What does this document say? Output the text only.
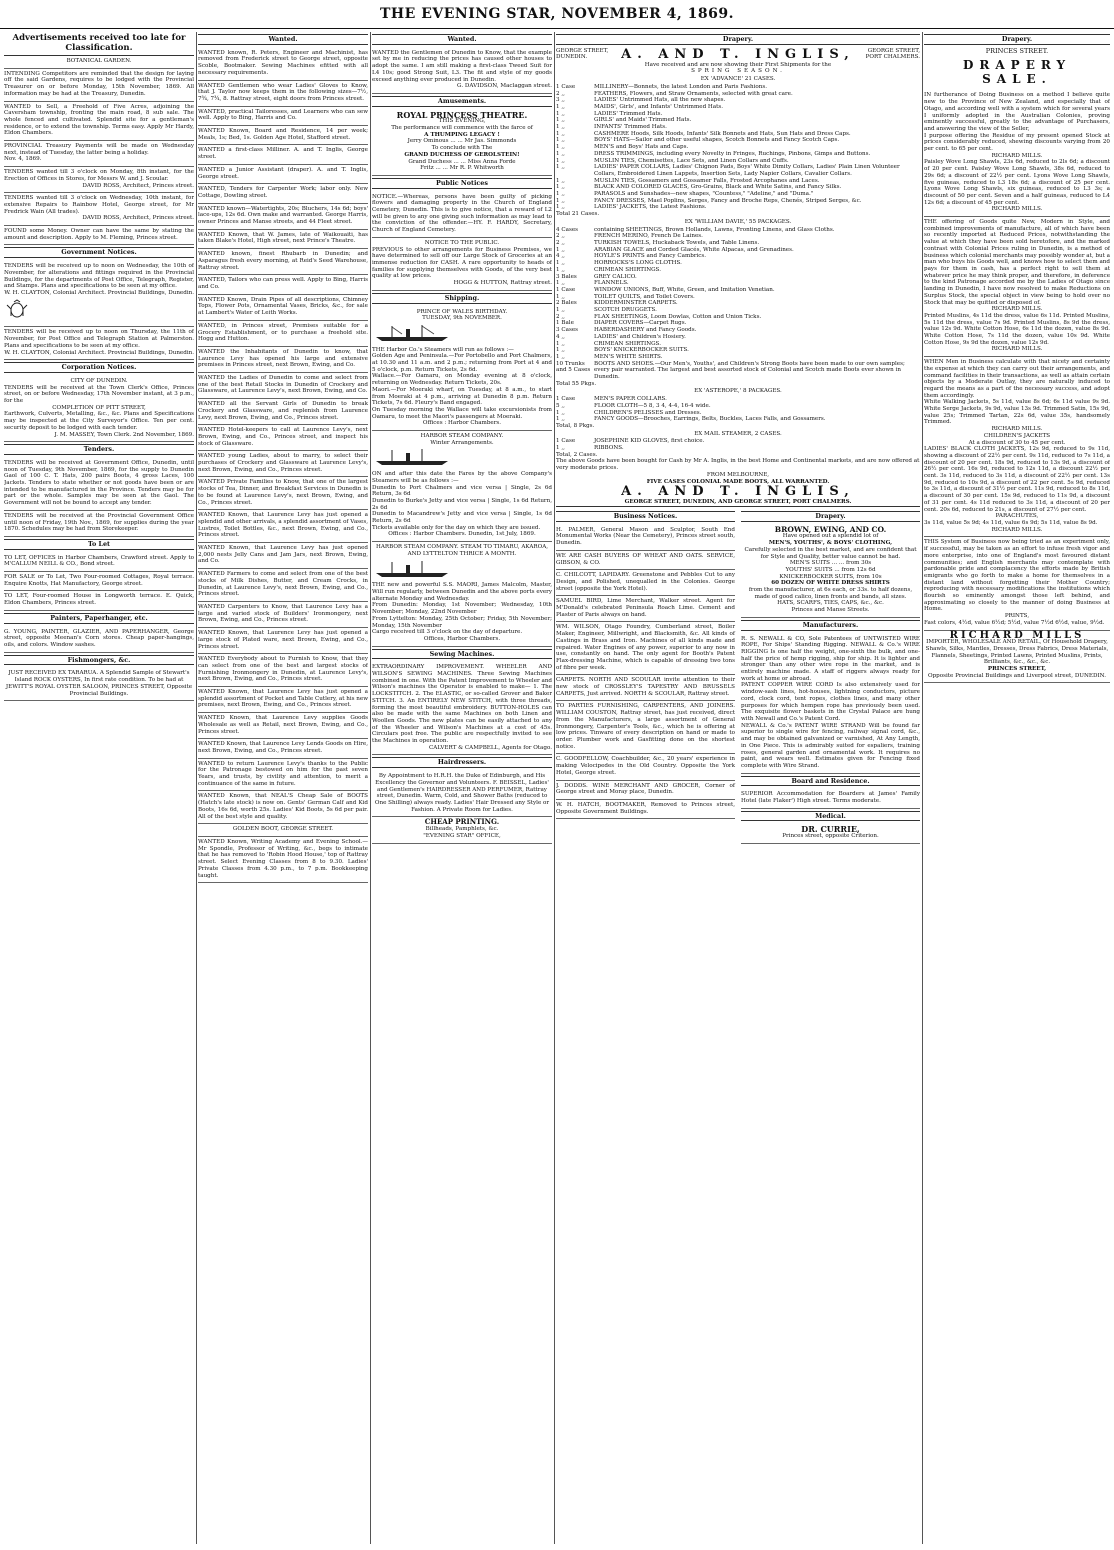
THE EVENING STAR, NOVEMBER 4, 1869.
Advertisements received too late for Classification.
BOTANICAL GARDEN.
INTENDING Competitors are reminded that the design for laying off the said Gardens, requires to be lodged with the Provincial Treasurer on or before Monday, 15th November, 1869. All information may be had at the Treasury, Dunedin.
WANTED to Sell, a Freehold of Five Acres, adjoining the Caversham township, fronting the main road, 8 sub sale. The whole fenced and cultivated. Splendid site for a gentleman's residence, or to extend the township. Terms easy. Apply Mr Hardy, Eldon Chambers.

PROVINCIAL Treasury Payments will be made on Wednesday next, instead of Tuesday, the latter being a holiday.

Nov. 4, 1869.

TENDERS wanted till 3 o'clock on Monday, 8th instant, for the Erection of Offices in Stores, for Messrs W. and J. Scoular.

DAVID ROSS, Architect, Princes street.

TENDERS wanted till 3 o'clock on Wednesday, 10th instant, for extensive Repairs to Rainbow Hotel, George street, for Mr Fredrick Wain (All trades).

DAVID ROSS, Architect, Princes street.

FOUND some Money. Owner can have the same by stating the amount and description. Apply to M. Fleming, Princes street.
Government Notices.

TENDERS will be received up to noon on Wednesday, the 10th of November, for alterations and fittings required in the Provincial Buildings, for the departments of Post Office, Telegraph, Register, and Stamps. Plans and specifications to be seen at my office.

W. H. CLAYTON, Colonial Architect. Provincial Buildings, Dunedin.

TENDERS will be received up to noon on Thursday, the 11th of November, for Post Office and Telegraph Station at Palmerston. Plans and specifications to be seen at my office.

W. H. CLAYTON, Colonial Architect. Provincial Buildings, Dunedin.

Corporation Notices.

CITY OF DUNEDIN.

TENDERS will be received at the Town Clerk's Office, Princes street, on or before Wednesday, 17th November instant, at 3 p.m., for the

COMPLETION OF PITT STREET,

Earthwork, Culverts, Metalling, &c., &c. Plans and Specifications may be inspected at the City Surveyor's Office. Ten per cent. security deposit to be lodged with each tender.

J. M. MASSEY, Town Clerk. 2nd November, 1869.

Tenders.
TENDERS will be received at Government Office, Dunedin, until noon of Tuesday, 9th November, 1869, for the supply to Dunedin Gaol of 100 C. T. Hats, 200 pairs Boots, 4 gross Laces, 100 Jackets. Tenders to state whether or not goods have been or are intended to be manufactured in the Province. Tenders may be for part or the whole. Samples may be seen at the Gaol. The Government will not be bound to accept any tender.
TENDERS will be received at the Provincial Government Office until noon of Friday, 19th Nov., 1869, for supplies during the year 1870. Schedules may be had from Storekeeper.
To Let
TO LET, OFFICES in Harbor Chambers, Crawford street. Apply to M'CALLUM NEILL & CO., Bond street.
FOR SALE or To Let, Two Four-roomed Cottages, Royal terrace. Enquire Knotts, Hat Manufactory, George street.
TO LET, Four-roomed House in Longworth terrace. E. Quick, Eldon Chambers, Princes street.
Painters, Paperhanger, etc.
G. YOUNG, PAINTER, GLAZIER, AND PAPERHANGER, George street, opposite Meenan's Corn stores. Cheap paper-hangings, oils, and colors. Window sashes.
Fishmongers, &c.
JUST RECEIVED EX TARARUA. A Splendid Sample of Stewart's Island ROCK OYSTERS, In first rate condition. To be had at JEWITT'S ROYAL OYSTER SALOON, PRINCES STREET, Opposite Provincial Buildings.
Wanted.
WANTED known, R. Peters, Engineer and Machinist, has removed from Frederick street to George street, opposite Scoble, Bootmaker. Sewing Machines efitted with all necessary requirements.
WANTED Gentlemen who wear Ladies' Gloves to Know, that J. Taylor now keeps them in the following sizes—7½, 7¾, 7¾, 8. Rattray street, eight doors from Princes street.
WANTED, practical Tailoresses, and Learners who can sew well. Apply to Bing, Harris and Co.
WANTED Known, Board and Residence, 14 per week; Meals, 1s; Bed, 1s. Golden Age Hotel, Stafford street.
WANTED a first-class Milliner. A. and T. Inglis, George street.
WANTED a Junior Assistant (draper). A. and T. Inglis, George street.
WANTED, Tenders for Carpenter Work; labor only. New Cottage, Dowling street.
WANTED known—Watertights, 20s; Bluchers, 14s 6d; boys' lace-ups, 12s 6d. Own make and warranted. George Harris, owner Princes and Manse streets, and 44 Fleet street.
WANTED Known, that W. James, late of Waikouaiti, has taken Blake's Hotel, High street, next Prince's Theatre.
WANTED known, finest Rhubarb in Dunedin; and Asparagus fresh every morning, at Reid's Seed Warehouse, Rattray street.
WANTED, Tailors who can press well. Apply to Bing, Harris and Co.
WANTED Known, Drain Pipes of all descriptions, Chimney Tops, Flower Pots, Ornamental Vases, Bricks, &c., for sale at Lambert's Water of Leith Works.
WANTED, in Princes street, Premises suitable for a Grocery Establishment, or to purchase a freehold site. Hogg and Hutton.
WANTED the Inhabitants of Dunedin to know, that Laurence Levy has opened his large and extensive premises in Princes street, next Brown, Ewing, and Co.
WANTED the Ladies of Dunedin to come and select from one of the best Retail Stocks in Dunedin of Crockery and Glassware, at Laurence Levy's, next Brown, Ewing, and Co.
WANTED all the Servant Girls of Dunedin to break Crockery and Glassware, and replenish from Laurence Levy, next Brown, Ewing, and Co., Princes street.
WANTED Hotel-keepers to call at Laurence Levy's, next Brown, Ewing, and Co., Princes street, and inspect his stock of Glassware.
WANTED young Ladies, about to marry, to select their purchases of Crockery and Glassware at Laurence Levy's, next Brown, Ewing, and Co., Princes street.
WANTED Private Families to Know, that one of the largest stocks of Tea, Dinner, and Breakfast Services in Dunedin is to be found at Laurence Levy's, next Brown, Ewing, and Co., Princes street.
WANTED Known, that Laurence Levy has just opened a splendid and other arrivals, a splendid assortment of Vases, Lustres, Toilet Bottles, &c., next Brown, Ewing, and Co., Princes street.
WANTED Known, that Laurence Levy has just opened 2,000 nests Jelly Cans and Jam Jars, next Brown, Ewing, and Co.
WANTED Farmers to come and select from one of the best stocks of Milk Dishes, Butter, and Cream Crocks, in Dunedin, at Laurence Levy's, next Brown, Ewing, and Co., Princes street.
WANTED Carpenters to Know, that Laurence Levy has a large and varied stock of Builders' Ironmongery, next Brown, Ewing, and Co., Princes street.
WANTED Known, that Laurence Levy has just opened a large stock of Plated ware, next Brown, Ewing, and Co., Princes street.
WANTED Everybody about to Furnish to Know, that they can select from one of the best and largest stocks of Furnishing Ironmongery in Dunedin, at Laurence Levy's, next Brown, Ewing, and Co., Princes street.
WANTED Known, that Laurence Levy has just opened a splendid assortment of Pocket and Table Cutlery, at his new premises, next Brown, Ewing, and Co., Princes street.
WANTED Known, that Laurence Levy supplies Goods Wholesale as well as Retail, next Brown, Ewing, and Co., Princes street.
WANTED Known, that Laurence Levy Lends Goods on Hire, next Brown, Ewing, and Co., Princes street.
WANTED to return Laurence Levy's thanks to the Public for the Patronage bestowed on him for the past seven Years, and trusts, by civility and attention, to merit a continuance of the same in future.
WANTED Known, that NEAL'S Cheap Sale of BOOTS (Hatch's late stock) is now on. Gents' German Calf and Kid Boots, 16s 6d, worth 25s. Ladies' Kid Boots, 5s 6d per pair. All of the best style and quality.
GOLDEN BOOT, GEORGE STREET.
WANTED Known, Writing Academy and Evening School.—Mr Spondle, Professor of Writing, &c., begs to intimate that he has removed to 'Robin Hood House,' top of Rattray street. Select Evening Classes from 8 to 9.30. Ladies' Private Classes from 4.30 p.m., to 7 p.m. Bookkeeping taught.
Wanted.

WANTED the Gentlemen of Dunedin to Know, that the example set by me in reducing the prices has caused other houses to adopt the same. I am still making a first-class Tweed Suit for L4 10s; good Strong Suit, L3. The fit and style of my goods exceed anything ever produced in Dunedin.

G. DAVIDSON, Maclaggan street.

Amusements.

ROYAL PRINCESS THEATRE.

THIS EVENING,

The performance will commence with the farce of

A THUMPING LEGACY !

Jerry Ominous ... ... Mr Jas. Simmonds

To conclude with The

GRAND DUCHESS OF GEROLSTEIN!

Grand Duchess ... ... Miss Anna Forde

Fritz ... ... Mr R. P. Whitworth

Public Notices
NOTICE.—Whereas, persons have been guilty of picking flowers and damaging property in the Church of England Cemetery, Dunedin. This is to give notice, that a reward of L2 will be given to any one giving such information as may lead to the conviction of the offender.—HY. F. HARDY, Secretary, Church of England Cemetery.

NOTICE TO THE PUBLIC.

PREVIOUS to other arrangements for Business Premises, we have determined to sell off our Large Stock of Groceries at an immense reduction for CASH. A rare opportunity to heads of families for supplying themselves with Goods, of the very best quality at low prices.

HOGG & HUTTON, Rattray street.

Shipping.

PRINCE OF WALES BIRTHDAY.

TUESDAY, 9th NOVEMBER.

THE Harbor Co.'s Steamers will run as follows :—

Golden Age and Peninsula.—For Portobello and Port Chalmers, at 10.30 and 11 a.m. and 2 p.m.; returning from Port at 4 and 5 o'clock, p.m. Return Tickets, 2s 6d.

Wallace.—For Oamaru, on Monday evening at 8 o'clock, returning on Wednesday. Return Tickets, 20s.

Maori.—For Moeraki wharf, on Tuesday, at 8 a.m., to start from Moeraki at 4 p.m., arriving at Dunedin 8 p.m. Return Tickets, 7s 6d. Fleury's Band engaged.

On Tuesday morning the Wallace will take excursionists from Oamaru, to meet the Maori's passengers at Moeraki.

Offices : Harbor Chambers.

HARBOR STEAM COMPANY.

Winter Arrangements.

ON and after this date the Fares by the above Company's Steamers will be as follows :—

Dunedin to Port Chalmers and vice versa | Single, 2s 6d Return, 3s 6d
Dunedin to Burke's Jetty and vice versa | Single, 1s 6d Return, 2s 6d
Dunedin to Macandrew's Jetty and vice versa | Single, 1s 6d Return, 2s 6d

Tickets available only for the day on which they are issued.

Offices : Harbor Chambers. Dunedin, 1st July, 1869.

HARBOR STEAM COMPANY. STEAM TO TIMARU, AKAROA, AND LYTTELTON THRICE A MONTH.

THE new and powerful S.S. MAORI, James Malcolm, Master, Will run regularly, between Dunedin and the above ports every alternate Monday and Wednesday.

From Dunedin: Monday, 1st November; Wednesday, 10th November; Monday, 22nd November
From Lyttelton: Monday, 25th October; Friday, 5th November; Monday, 15th November

Cargo received till 3 o'clock on the day of departure.

Offices, Harbor Chambers.

Sewing Machines.

EXTRAORDINARY IMPROVEMENT. WHEELER AND WILSON'S SEWING MACHINES. Three Sewing Machines combined in one. With the Patent Improvement to Wheeler and Wilson's machines the Operator is enabled to make— 1. The LOCKSTITCH. 2. The ELASTIC, or so-called Grover and Baker STITCH. 3. An ENTIRELY NEW STITCH, with three threads, forming the most beautiful embroidery. BUTTON-HOLES can also be made with the same Machines on both Linen and Woollen Goods. The new plates can be easily attached to any of the Wheeler and Wilson's Machines at a cost of 45s. Circulars post free. The public are respectfully invited to see the Machines in operation.

CALVERT & CAMPBELL, Agents for Otago.

Hairdressers.
By Appointment to H.R.H. the Duke of Edinburgh, and His Excellency the Governor and Volunteers. F. BEISSEL, Ladies' and Gentlemen's HAIRDRESSER AND PERFUMER, Rattray street, Dunedin. Warm, Cold, and Shower Baths (reduced to One Shilling) always ready. Ladies' Hair Dressed any Style or Fashion. A Private Room for Ladies.

CHEAP PRINTING.

Billheads, Pamphlets, &c.

"EVENING STAR" OFFICE,

Drapery.
GEORGE STREET, DUNEDIN.	A. AND T. INGLIS,	GEORGE STREET, PORT CHALMERS.

Have received and are now showing their First Shipments for the

SPRING SEASON.

EX 'ADVANCE' 21 CASES.

1 Case	MILLINERY—Bonnets, the latest London and Paris Fashions.
2 ,,	FEATHERS, Flowers, and Straw Ornaments, selected with great care.
3 ,,	LADIES' Untrimmed Hats, all the new shapes.
1 ,,	MAIDS', Girls', and Infants' Untrimmed Hats.
1 ,,	LADIES' Trimmed Hats.
1 ,,	GIRLS' and Maids' Trimmed Hats.
1 ,,	INFANTS' Trimmed Hats.
1 ,,	CASHMERE Hoods, Silk Hoods, Infants' Silk Bonnets and Hats, Sun Hats and Dress Caps.
1 ,,	BOYS' HATS—Sailor and other useful shapes, Scotch Bonnets and Fancy Scotch Caps.
1 ,,	MEN'S and Boys' Hats and Caps.
1 ,,	DRESS TRIMMINGS, including every Novelty in Fringes, Ruchings, Pinbons, Gimps and Buttons.
1 ,,	MUSLIN TIES, Chemisettes, Lace Sets, and Linen Collars and Cuffs.
1 ,,	LADIES' PAPER COLLARS, Ladies' Chignon Pads, Boys' White Dimity Collars, Ladies' Plain Linen Volunteer Collars, Embroidered Linen Lappets, Insertion Sets, Lady Napier Collars, Cavalier Collars.
1 ,,	MUSLIN TIES, Gossamers and Gossamer Falls, Frosted Arcophanes and Laces.
1 ,,	BLACK AND COLORED GLACES, Gro-Grains, Black and White Satins, and Fancy Silks.
1 ,,	PARASOLS and Sunshades—new shapes, "Countess," "Adeline," and "Duma."
1 ,,	FANCY DRESSES, Mael Poplins, Serges, Fancy and Broche Reps, Chenés, Striped Serges, &c.
1 ,,	LADIES' JACKETS, the Latest Fashions.

Total 21 Cases.

EX 'WILLIAM DAVIE,' 55 PACKAGES.

4 Cases	containing SHEETINGS, Brown Hollands, Lawns, Fronting Linens, and Glass Cloths.
2 ,,	FRENCH MERINO, French De Laines.
2 ,,	TURKISH TOWELS, Huckaback Towels, and Table Linens.
1 ,,	ARABIAN GLACE and Corded Glacés, White Alpacas, and Grenadines.
4 ,,	HOYLE'S PRINTS and Fancy Cambrics.
1 ,,	HORROCKS'S LONG CLOTHS.
1 ,,	CRIMEAN SHIRTINGS.
3 Bales	GREY CALICO.
1 ,,	FLANNELS.
1 Case	WINDOW UNIONS, Buff, White, Green, and Imitation Venetian.
1 ,,	TOILET QUILTS, and Toilet Covers.
2 Bales	KIDDERMINSTER CARPETS.
1 ,,	SCOTCH DRUGGETS.
2 ,,	FLAX SHEETINGS, Loom Dowlas, Cotton and Union Ticks.
1 Bale	DIAPER COVERS—Carpet Rugs.
3 Cases	HABERDASHERY and Fancy Goods.
4 ,,	LADIES' and Children's Hosiery.
1 ,,	CRIMEAN SHIRTINGS.
1 ,,	BOYS' KNICKERBOCKER SUITS.
1 ,,	MEN'S WHITE SHIRTS.
10 Trunks and 5 Cases
BOOTS AND SHOES.—Our Men's, Youths', and Children's Strong Boots have been made to our own samples; every pair warranted. The largest and best assorted stock of Colonial and Scotch made Boots ever shown in Dunedin.

Total 55 Pkgs.

EX 'ASTEROPE,' 8 PACKAGES.

1 Case	MEN'S PAPER COLLARS.
5 ,,	FLOOR CLOTH—5 8, 3 4, 4-4, 16-4 wide.
1 ,,	CHILDREN'S PELISSES and Dresses.
1 ,,	FANCY GOODS—Brooches, Earrings, Belts, Buckles, Laces Falls, and Gossamers.

Total, 8 Pkgs.

EX MAIL STEAMER, 2 CASES.

1 Case	JOSEPHINE KID GLOVES, first choice.
1 ,,	RIBBONS.

Total, 2 Cases.

The above Goods have been bought for Cash by Mr A. Inglis, in the best Home and Continental markets, and are now offered at very moderate prices.

FROM MELBOURNE,

FIVE CASES COLONIAL MADE BOOTS, ALL WARRANTED.

A. AND T. INGLIS,

GEORGE STREET, DUNEDIN, AND GEORGE STREET, PORT CHALMERS.

Business Notices.
H. PALMER, General Mason and Sculptor, South End Monumental Works (Near the Cemetery), Princes street south, Dunedin.
WE ARE CASH BUYERS OF WHEAT AND OATS. SERVICE, GIBSON, & CO.
C. CHILCOTT, LAPIDARY. Greenstone and Pebbles Cut to any Design, and Polished, unequalled in the Colonies. George street (opposite the York Hotel).
SAMUEL BIRD, Lime Merchant, Walker street. Agent for M'Donald's celebrated Peninsula Roach Lime. Cement and Plaster of Paris always on hand.
WM. WILSON, Otago Foundry, Cumberland street, Boiler Maker, Engineer, Millwright, and Blacksmith, &c. All kinds of Castings in Brass and Iron. Machines of all kinds made and repaired. Water Engines of any power, superior to any now in use, constantly on hand. The only agent for Booth's Patent Flax-dressing Machine, which is capable of dressing two tons of fibre per week.
CARPETS. NORTH AND SCOULAR invite attention to their new stock of CROSSLEY'S TAPESTRY AND BRUSSELS CARPETS, Just arrived. NORTH & SCOULAR, Rattray street.
TO PARTIES FURNISHING, CARPENTERS, AND JOINERS. WILLIAM COUSTON, Rattray street, has just received, direct from the Manufacturers, a large assortment of General Ironmongery, Carpenter's Tools, &c., which he is offering at low prices. Tinware of every description on hand or made to order. Plumber work and Gasfitting done on the shortest notice.
C. GOODFELLOW, Coachbuilder, &c., 20 years' experience in making Velocipedes in the Old Country. Opposite the York Hotel, George street.
J. DODDS. WINE MERCHANT AND GROCER, Corner of George street and Moray place, Dunedin.
W. H. HATCH, BOOTMAKER, Removed to Princes street, Opposite Government Buildings.
Drapery.

BROWN, EWING, AND CO.

Have opened out a splendid lot of

MEN'S, YOUTHS', & BOYS' CLOTHING,

Carefully selected in the best market, and are confident that for Style and Quality, better value cannot be had.

MEN'S SUITS ... ... from 30s
YOUTHS' SUITS ... from 12s 6d
KNICKERBOCKER SUITS, from 10s

60 DOZEN OF WHITE DRESS SHIRTS

from the manufacturer, at 6s each, or 33s. to half dozens, made of good calico, linen fronts and bands, all sizes.

HATS, SCARFS, TIES, CAPS, &c., &c.

Princes and Manse Streets.

Manufacturers.

R. S. NEWALL & CO, Sole Patentees of UNTWISTED WIRE ROPE, For Ships' Standing Rigging. NEWALL & Co.'s WIRE RIGGING Is one half the weight, one-sixth the bulk, and one-half the price of hemp rigging, ship for ship. It is lighter and stronger than any other wire rope in the market, and is entirely machine made. A staff of riggers always ready for work at home or abroad.

PATENT COPPER WIRE CORD Is also extensively used for window-sash lines, hot-houses, lightning conductors, picture cord, clock cord, tent ropes, clothes lines, and many other purposes for which hempen rope has previously been used. The exquisite flower baskets in the Crystal Palace are hung with Newall and Co.'s Patent Cord.

NEWALL & Co.'s PATENT WIRE STRAND Will be found far superior to single wire for fencing, railway signal cord, &c., and may be obtained galvanized or varnished, At Any Length, in One Piece. This is admirably suited for espaliers, training roses, general garden and ornamental work. It requires no paint, and wears well. Estimates given for Fencing fixed complete with Wire Strand.

Board and Residence.
SUPERIOR Accommodation for Boarders at James' Family Hotel (late Flaker') High street. Terms moderate.
Medical.

DR. CURRIE,

Princes street, opposite Criterion.

Drapery.

PRINCES STREET.

DRAPERY SALE.

IN furtherance of Doing Business on a method I believe quite new to the Province of New Zealand, and especially that of Otago, and according well with a system which for several years I uniformly adopted in the Australian Colonies, proving eminently successful, greatly to the advantage of Purchasers, and answering the view of the Seller,

I purpose offering the Residue of my present opened Stock at prices considerably reduced, shewing discounts varying from 20 per cent. to 65 per cent.

RICHARD MILLS.

Paisley Wove Long Shawls, 23s 6d, reduced to 2ls 6d; a discount of 20 per cent. Paisley Wove Long Shawls, 38s 6d, reduced to 29s 6d; a discount of 22½ per cent. Lyons Wove Long Shawls, five guineas, reduced to L3 18s 6d; a discount of 25 per cent. Lyons Wove Long Shawls, six guineas, reduced to L3 3s; a discount of 50 per cent. Seven and a half guineas, reduced to L4 12s 6d; a discount of 45 per cent.

RICHARD MILLS.

THE offering of Goods quite New, Modern in Style, and combined improvements of manufacture, all of which have been so recently imported at Reduced Prices, notwithstanding the value at which they have been sold heretofore, and the marked contrast with Colonial Prices ruling in Dunedin, is a method of business which colonial merchants may possibly wonder at, but a man who buys his Goods well, and knows how to select them and pays for them in cash, has a perfect right to sell them at whatever price he may think proper, and therefore, in deference to the kind Patronage accorded me by the Ladies of Otago since landing in Dunedin, I have now resolved to make Reductions on Surplus Stock, the special object in view being to hold over no Stock that may be quitted or disposed of.

RICHARD MILLS.

Printed Muslins, 4s 11d the dress, value 6s 11d. Printed Muslins, 5s 11d the dress, value 7s 9d. Printed Muslins, 8s 9d the dress, value 12s 9d. White Cotton Hose, 6s 11d the dozen, value 8s 9d. White Cotton Hose, 7s 11d the dozen, value 10s 9d. White Cotton Hose, 9s 9d the dozen, value 12s 9d.

RICHARD MILLS.

WHEN Men in Business calculate with that nicety and certainty the expense at which they can carry out their arrangements, and command facilities in their transactions, as well as attain certain objects by a Moderate Outlay, they are naturally induced to regard the means as a part of the necessary success, and adopt them accordingly.

White Walking Jackets, 5s 11d, value 8s 6d; 6s 11d value 9s 9d. White Serge Jackets, 9s 9d, value 13s 9d. Trimmed Satin, 15s 9d, value 25s; Trimmed Tartan, 22s 6d, value 35s, handsomely Trimmed.

RICHARD MILLS.

CHILDREN'S JACKETS

At a discount of 30 to 45 per cent.

LADIES' BLACK CLOTH JACKETS, 12s 9d, reduced to 9s 11d, showing a discount of 22½ per cent. 9s 11d, reduced to 7s 11d, a discount of 20 per cent. 18s 9d, reduced to 13s 9d, a discount of 26½ per cent. 16s 9d, reduced to 12s 11d, a discount 22½ per cent. 3s 11d, reduced to 3s 11d, a discount of 22½ per cent. 13s 9d, reduced to 10s 9d, a discount of 22 per cent. 5s 9d, reduced to 3s 11d, a discount of 31½ per cent. 11s 9d, reduced to 8s 11d, a discount of 30 per cent. 15s 9d, reduced to 11s 9d, a discount of 31 per cent. 4s 11d reduced to 3s 11d, a discount of 20 per cent. 20s 6d, reduced to 21s, a discount of 27½ per cent.

PARACHUTES,

3s 11d, value 5s 9d; 4s 11d, value 6s 9d; 5s 11d, value 8s 9d.

RICHARD MILLS.

THIS System of Business now being tried as an experiment only, if successful, may be taken as an effort to infuse fresh vigor and more enterprise, into one of England's most favoured distant communities; and English merchants may contemplate with pardonable pride and complacency the efforts made by British emigrants who go forth to make a home for themselves in a distant land without forgetting their Mother Country; reproducing with necessary modifications the institutions which flourish so eminently amongst those left behind, and approximating so closely to the manner of doing Business at Home.

PRINTS,

Fast colors, 4½d, value 6½d; 5½d, value 7½d 6½d, value, 9½d.

RICHARD MILLS

IMPORTER, WHOLESALE AND RETAIL, Of Household Drapery, Shawls, Silks, Mantles, Dresses, Dress Fabrics, Dress Materials, Flannels, Sheetings, Printed Lawns, Printed Muslins, Prints, Brilliants, &c., &c., &c.

PRINCES STREET,

Opposite Provincial Buildings and Liverpool street, DUNEDIN.
